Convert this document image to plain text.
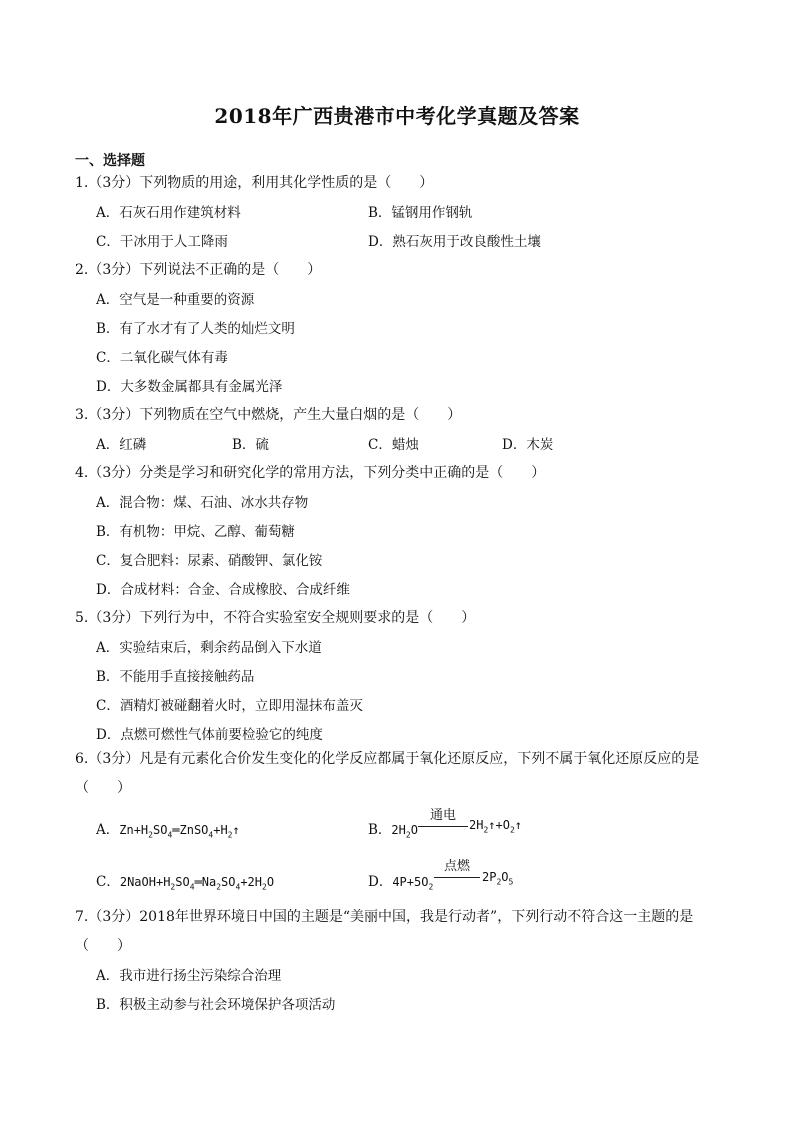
2018年广西贵港市中考化学真题及答案
一、选择题
1.（3分）下列物质的用途，利用其化学性质的是（　　）
A．石灰石用作建筑材料	B．锰钢用作钢轨
C．干冰用于人工降雨	D．熟石灰用于改良酸性土壤
2.（3分）下列说法不正确的是（　　）
A．空气是一种重要的资源
B．有了水才有了人类的灿烂文明
C．二氧化碳气体有毒
D．大多数金属都具有金属光泽
3.（3分）下列物质在空气中燃烧，产生大量白烟的是（　　）
A．红磷	B．硫	C．蜡烛	D．木炭
4.（3分）分类是学习和研究化学的常用方法，下列分类中正确的是（　　）
A．混合物：煤、石油、冰水共存物
B．有机物：甲烷、乙醇、葡萄糖
C．复合肥料：尿素、硝酸钾、氯化铵
D．合成材料：合金、合成橡胶、合成纤维
5.（3分）下列行为中，不符合实验室安全规则要求的是（　　）
A．实验结束后，剩余药品倒入下水道
B．不能用手直接接触药品
C．酒精灯被碰翻着火时，立即用湿抹布盖灭
D．点燃可燃性气体前要检验它的纯度
6.（3分）凡是有元素化合价发生变化的化学反应都属于氧化还原反应，下列不属于氧化还原反应的是（　　）
A．$Zn+H_2SO_4═ZnSO_4+H_2↑$	B．$2H_2O$
通电
$2H_2↑+O_2↑$
C．$2NaOH+H_2SO_4═Na_2SO_4+2H_2O$	D．$4P+5O_2$
点燃
$2P_2O_5$
7.（3分）2018年世界环境日中国的主题是“美丽中国，我是行动者”，下列行动不符合这一主题的是（　　）
A．我市进行扬尘污染综合治理
B．积极主动参与社会环境保护各项活动
